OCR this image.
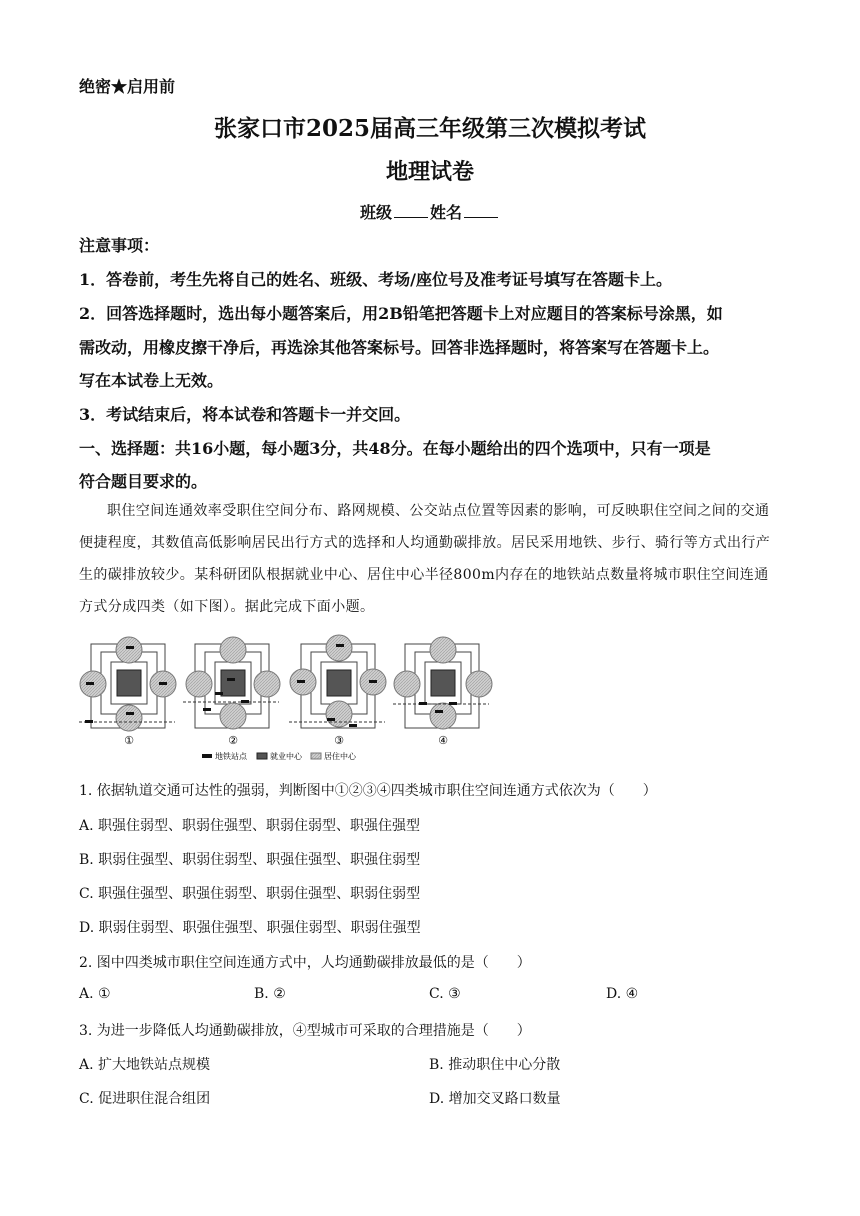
绝密★启用前
张家口市2025届高三年级第三次模拟考试
地理试卷
班级 姓名
注意事项：
1．答卷前，考生先将自己的姓名、班级、考场/座位号及准考证号填写在答题卡上。
2．回答选择题时，选出每小题答案后，用2B铅笔把答题卡上对应题目的答案标号涂黑，如
需改动，用橡皮擦干净后，再选涂其他答案标号。回答非选择题时，将答案写在答题卡上。
写在本试卷上无效。
3．考试结束后，将本试卷和答题卡一并交回。
一、选择题：共16小题，每小题3分，共48分。在每小题给出的四个选项中，只有一项是
符合题目要求的。
职住空间连通效率受职住空间分布、路网规模、公交站点位置等因素的影响，可反映职住空间之间的交通便捷程度，其数值高低影响居民出行方式的选择和人均通勤碳排放。居民采用地铁、步行、骑行等方式出行产生的碳排放较少。某科研团队根据就业中心、居住中心半径800m内存在的地铁站点数量将城市职住空间连通方式分成四类（如下图）。据此完成下面小题。
①	②	③	④
地铁站点	就业中心	居住中心
1. 依据轨道交通可达性的强弱，判断图中①②③④四类城市职住空间连通方式依次为（　　）
A. 职强住弱型、职弱住强型、职弱住弱型、职强住强型
B. 职弱住强型、职弱住弱型、职强住强型、职强住弱型
C. 职强住强型、职强住弱型、职弱住强型、职弱住弱型
D. 职弱住弱型、职强住强型、职强住弱型、职弱住强型
2. 图中四类城市职住空间连通方式中，人均通勤碳排放最低的是（　　）
A. ①	B. ②	C. ③	D. ④
3. 为进一步降低人均通勤碳排放，④型城市可采取的合理措施是（　　）
A. 扩大地铁站点规模	B. 推动职住中心分散
C. 促进职住混合组团	D. 增加交叉路口数量
